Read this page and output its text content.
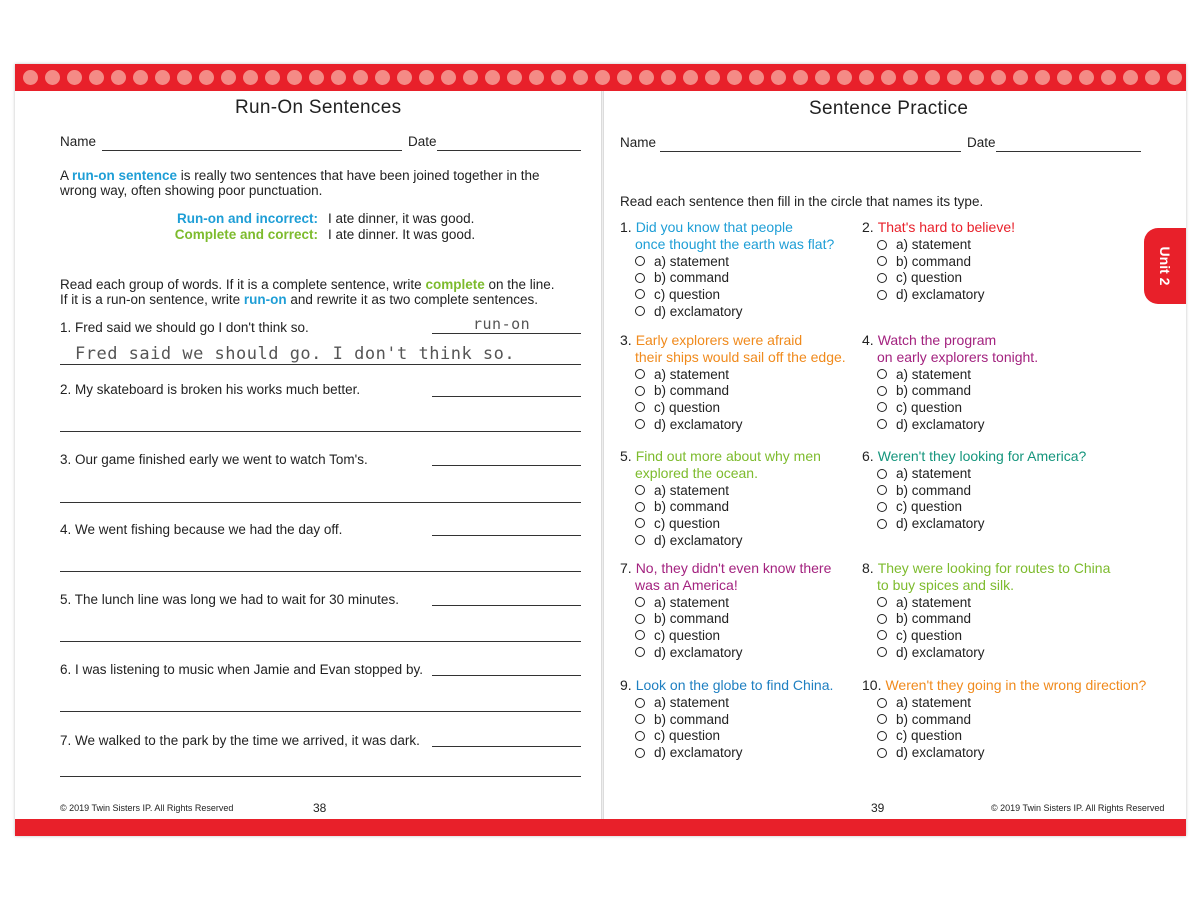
Run-On Sentences
Name	Date
A run-on sentence is really two sentences that have been joined together in the
wrong way, often showing poor punctuation.
Run-on and incorrect: I ate dinner, it was good.
Complete and correct: I ate dinner. It was good.
Read each group of words. If it is a complete sentence, write complete on the line.
If it is a run-on sentence, write run-on and rewrite it as two complete sentences.
1. Fred said we should go I don't think so.	run-on
Fred said we should go. I don't think so.
2. My skateboard is broken his works much better.
3. Our game finished early we went to watch Tom's.
4. We went fishing because we had the day off.
5. The lunch line was long we had to wait for 30 minutes.
6. I was listening to music when Jamie and Evan stopped by.
7. We walked to the park by the time we arrived, it was dark.
© 2019 Twin Sisters IP. All Rights Reserved	38
Sentence Practice
Name	Date
Read each sentence then fill in the circle that names its type.
1. Did you know that people
once thought the earth was flat?
a) statement
b) command
c) question
d) exclamatory
2. That's hard to believe!
a) statement
b) command
c) question
d) exclamatory
3. Early explorers were afraid
their ships would sail off the edge.
a) statement
b) command
c) question
d) exclamatory
4. Watch the program
on early explorers tonight.
a) statement
b) command
c) question
d) exclamatory
5. Find out more about why men
explored the ocean.
a) statement
b) command
c) question
d) exclamatory
6. Weren't they looking for America?
a) statement
b) command
c) question
d) exclamatory
7. No, they didn't even know there
was an America!
a) statement
b) command
c) question
d) exclamatory
8. They were looking for routes to China
to buy spices and silk.
a) statement
b) command
c) question
d) exclamatory
9. Look on the globe to find China.
a) statement
b) command
c) question
d) exclamatory
10. Weren't they going in the wrong direction?
a) statement
b) command
c) question
d) exclamatory
39	© 2019 Twin Sisters IP. All Rights Reserved
Unit 2
